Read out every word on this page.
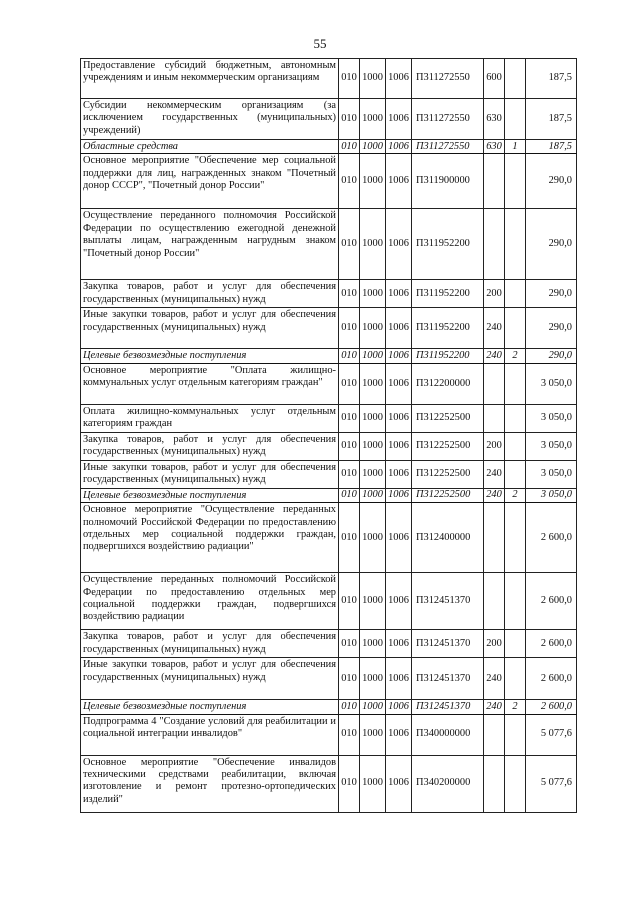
55
Предоставление субсидий бюджетным, автономным учреждениям и иным некоммерческим организациям	010	1000	1006	П311272550	600		187,5
Субсидии некоммерческим организациям (за исключением государственных (муниципальных) учреждений)	010	1000	1006	П311272550	630		187,5
Областные средства	010	1000	1006	П311272550	630	1	187,5
Основное мероприятие "Обеспечение мер социальной поддержки для лиц, награжденных знаком "Почетный донор СССР", "Почетный донор России"	010	1000	1006	П311900000			290,0
Осуществление переданного полномочия Российской Федерации по осуществлению ежегодной денежной выплаты лицам, награжденным нагрудным знаком "Почетный донор России"	010	1000	1006	П311952200			290,0
Закупка товаров, работ и услуг для обеспечения государственных (муниципальных) нужд	010	1000	1006	П311952200	200		290,0
Иные закупки товаров, работ и услуг для обеспечения государственных (муниципальных) нужд	010	1000	1006	П311952200	240		290,0
Целевые безвозмездные поступления	010	1000	1006	П311952200	240	2	290,0
Основное мероприятие "Оплата жилищно-коммунальных услуг отдельным категориям граждан"	010	1000	1006	П312200000			3 050,0
Оплата жилищно-коммунальных услуг отдельным категориям граждан	010	1000	1006	П312252500			3 050,0
Закупка товаров, работ и услуг для обеспечения государственных (муниципальных) нужд	010	1000	1006	П312252500	200		3 050,0
Иные закупки товаров, работ и услуг для обеспечения государственных (муниципальных) нужд	010	1000	1006	П312252500	240		3 050,0
Целевые безвозмездные поступления	010	1000	1006	П312252500	240	2	3 050,0
Основное мероприятие "Осуществление переданных полномочий Российской Федерации по предоставлению отдельных мер социальной поддержки граждан, подвергшихся воздействию радиации"	010	1000	1006	П312400000			2 600,0
Осуществление переданных полномочий Российской Федерации по предоставлению отдельных мер социальной поддержки граждан, подвергшихся воздействию радиации	010	1000	1006	П312451370			2 600,0
Закупка товаров, работ и услуг для обеспечения государственных (муниципальных) нужд	010	1000	1006	П312451370	200		2 600,0
Иные закупки товаров, работ и услуг для обеспечения государственных (муниципальных) нужд	010	1000	1006	П312451370	240		2 600,0
Целевые безвозмездные поступления	010	1000	1006	П312451370	240	2	2 600,0
Подпрограмма 4 "Создание условий для реабилитации и социальной интеграции инвалидов"	010	1000	1006	П340000000			5 077,6
Основное мероприятие "Обеспечение инвалидов техническими средствами реабилитации, включая изготовление и ремонт протезно-ортопедических изделий"	010	1000	1006	П340200000			5 077,6
